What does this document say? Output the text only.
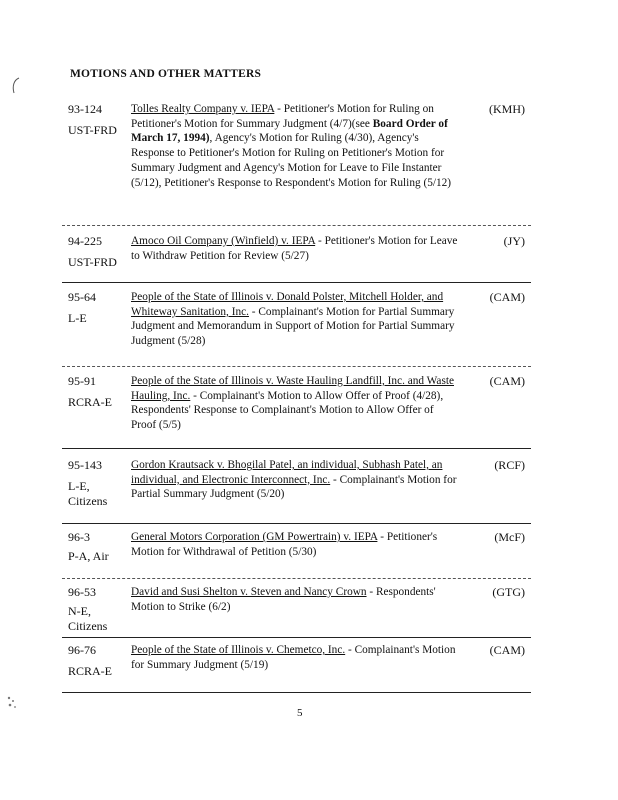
MOTIONS AND OTHER MATTERS
93-124
UST-FRD
Tolles Realty Company v. IEPA - Petitioner's Motion for Ruling on Petitioner's Motion for Summary Judgment (4/7)(see Board Order of March 17, 1994), Agency's Motion for Ruling (4/30), Agency's Response to Petitioner's Motion for Ruling on Petitioner's Motion for Summary Judgment and Agency's Motion for Leave to File Instanter (5/12), Petitioner's Response to Respondent's Motion for Ruling (5/12)
(KMH)
94-225
UST-FRD
Amoco Oil Company (Winfield) v. IEPA - Petitioner's Motion for Leave to Withdraw Petition for Review (5/27)
(JY)
95-64
L-E
People of the State of Illinois v. Donald Polster, Mitchell Holder, and Whiteway Sanitation, Inc. - Complainant's Motion for Partial Summary Judgment and Memorandum in Support of Motion for Partial Summary Judgment (5/28)
(CAM)
95-91
RCRA-E
People of the State of Illinois v. Waste Hauling Landfill, Inc. and Waste Hauling, Inc. - Complainant's Motion to Allow Offer of Proof (4/28), Respondents' Response to Complainant's Motion to Allow Offer of Proof (5/5)
(CAM)
95-143
L-E,
Citizens
Gordon Krautsack v. Bhogilal Patel, an individual, Subhash Patel, an individual, and Electronic Interconnect, Inc. - Complainant's Motion for Partial Summary Judgment (5/20)
(RCF)
96-3
P-A, Air
General Motors Corporation (GM Powertrain) v. IEPA - Petitioner's Motion for Withdrawal of Petition (5/30)
(McF)
96-53
N-E,
Citizens
David and Susi Shelton v. Steven and Nancy Crown - Respondents' Motion to Strike (6/2)
(GTG)
96-76
RCRA-E
People of the State of Illinois v. Chemetco, Inc. - Complainant's Motion for Summary Judgment (5/19)
(CAM)
5
